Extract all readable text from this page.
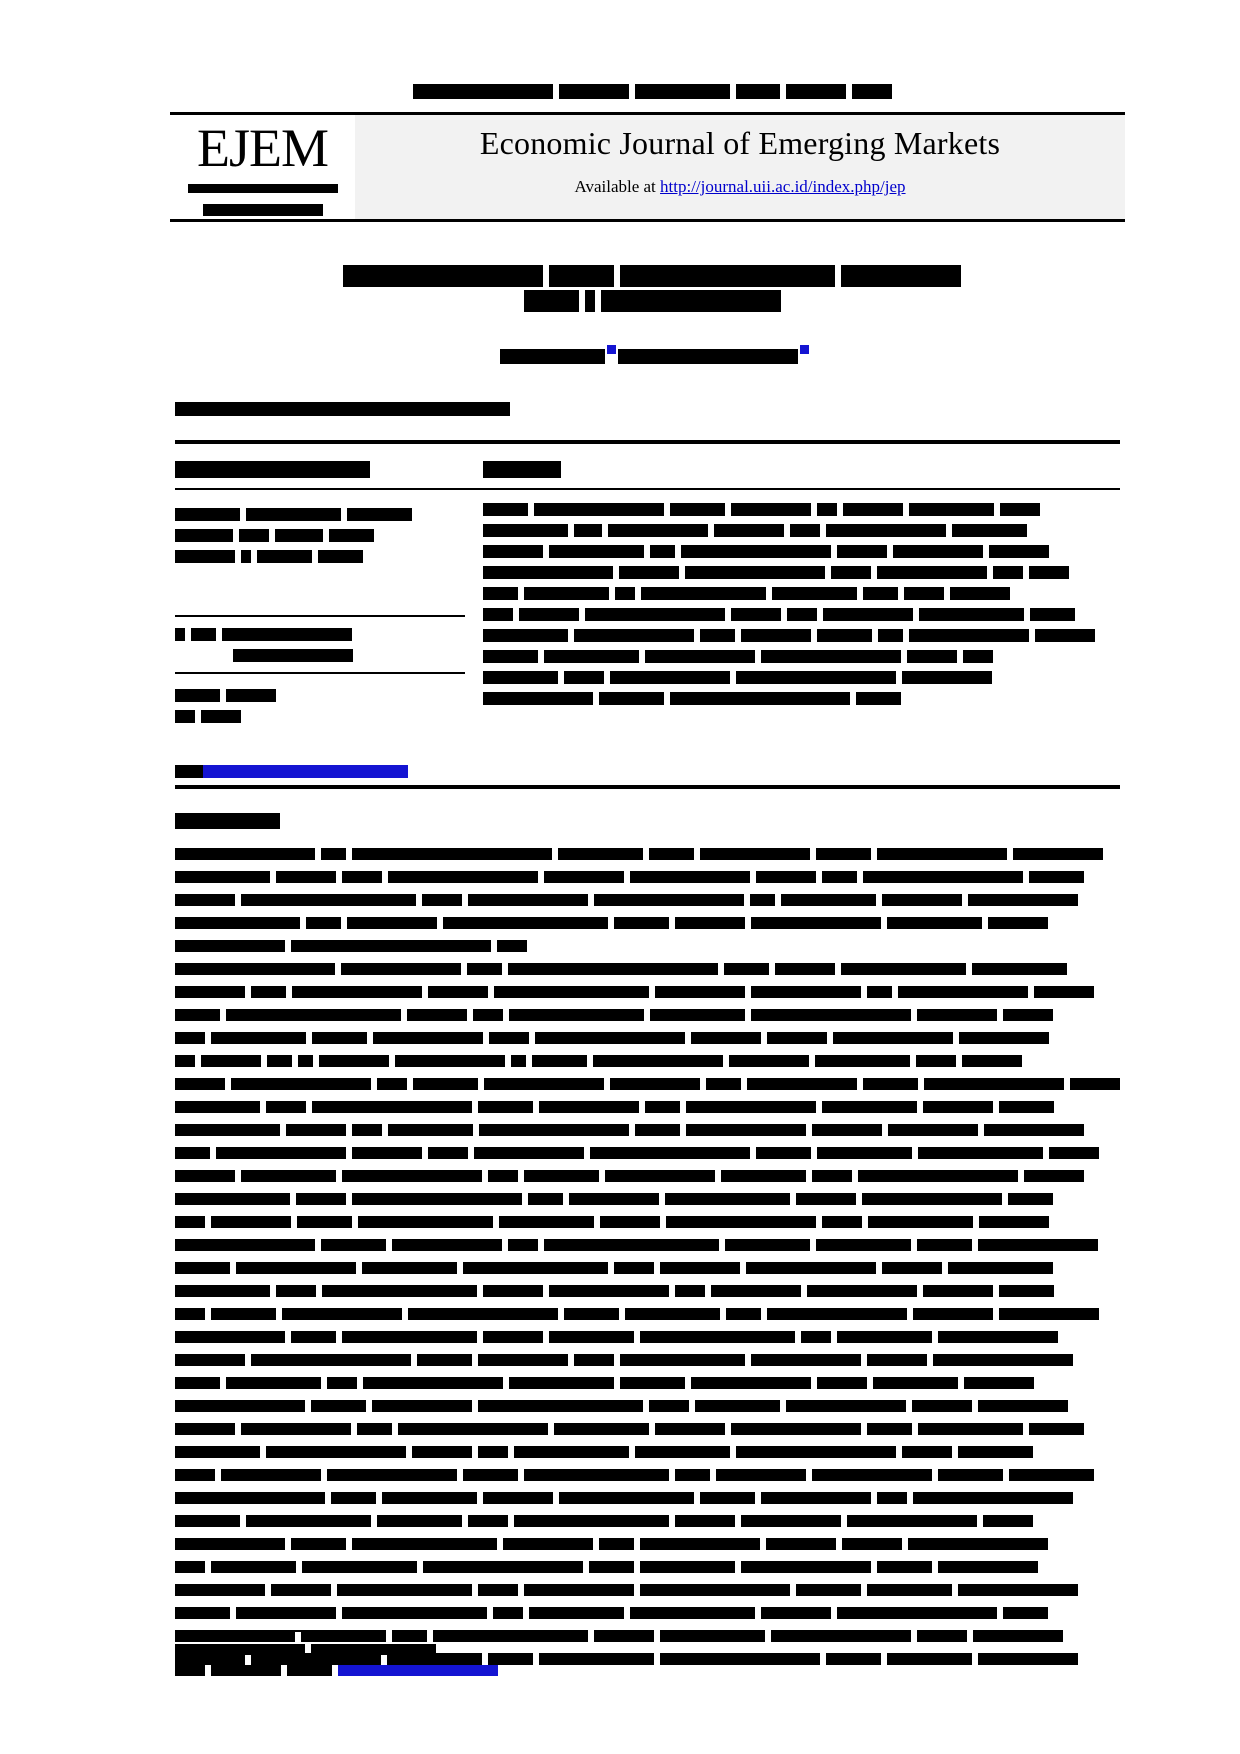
EJEM	Economic Journal of Emerging Markets
Available at http://journal.uii.ac.id/index.php/jep
